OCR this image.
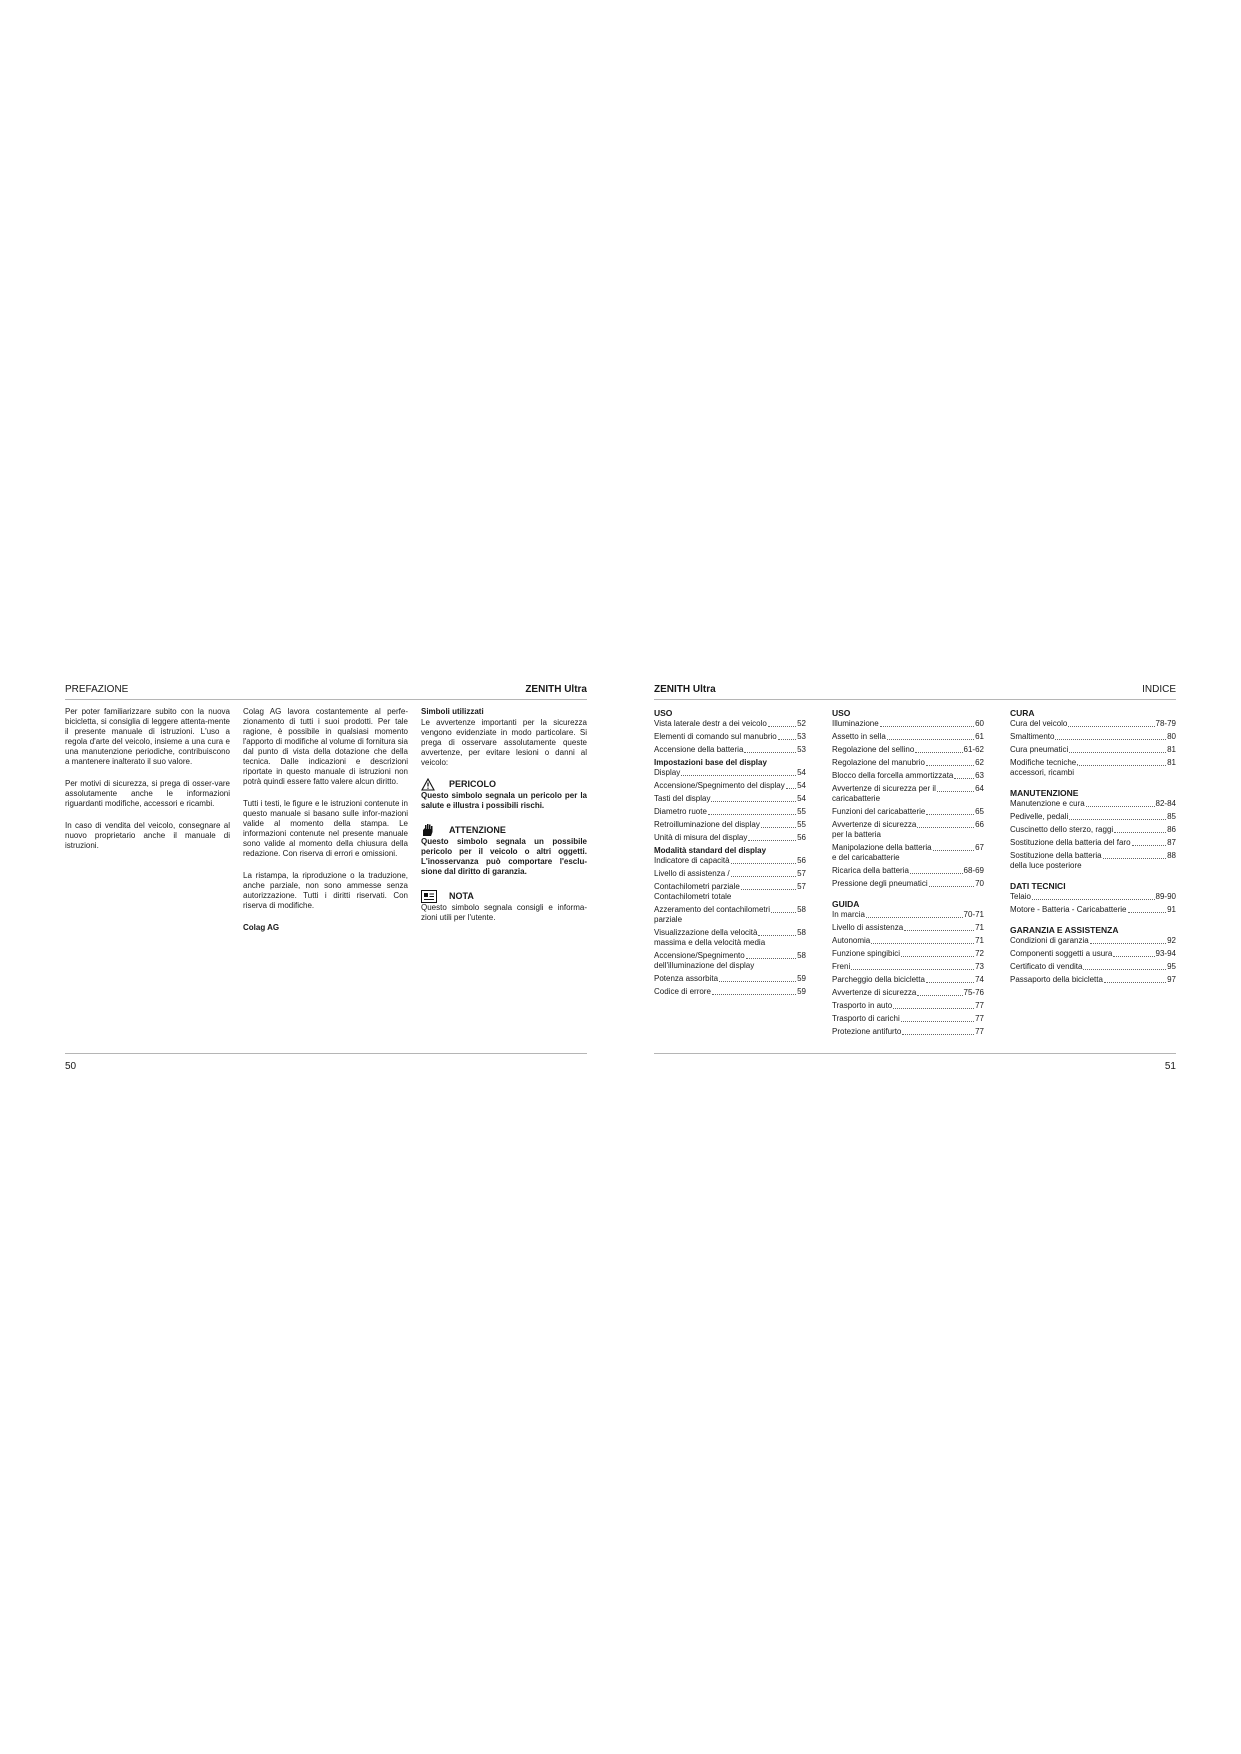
PREFAZIONE	ZENITH Ultra

Per poter familiarizzare subito con la nuova bicicletta, si consiglia di leggere attenta-mente il presente manuale di istruzioni. L'uso a regola d'arte del veicolo, insieme a una cura e una manutenzione periodiche, contribuiscono a mantenere inalterato il suo valore.

Per motivi di sicurezza, si prega di osser-vare assolutamente anche le informazioni riguardanti modifiche, accessori e ricambi.

In caso di vendita del veicolo, consegnare al nuovo proprietario anche il manuale di istruzioni.

Colag AG lavora costantemente al perfe-zionamento di tutti i suoi prodotti. Per tale ragione, è possibile in qualsiasi momento l'apporto di modifiche al volume di fornitura sia dal punto di vista della dotazione che della tecnica. Dalle indicazioni e descrizioni riportate in questo manuale di istruzioni non potrà quindi essere fatto valere alcun diritto.

Tutti i testi, le figure e le istruzioni contenute in questo manuale si basano sulle infor-mazioni valide al momento della stampa. Le informazioni contenute nel presente manuale sono valide al momento della chiusura della redazione. Con riserva di errori e omissioni.

La ristampa, la riproduzione o la traduzione, anche parziale, non sono ammesse senza autorizzazione. Tutti i diritti riservati. Con riserva di modifiche.

Colag AG
Simboli utilizzati
Le avvertenze importanti per la sicurezza vengono evidenziate in modo particolare. Si prega di osservare assolutamente queste avvertenze, per evitare lesioni o danni al veicolo:
PERICOLO
Questo simbolo segnala un pericolo per la salute e illustra i possibili rischi.
ATTENZIONE
Questo simbolo segnala un possibile pericolo per il veicolo o altri oggetti. L'inosservanza può comportare l'esclu-sione dal diritto di garanzia.
NOTA
Questo simbolo segnala consigli e informa-zioni utili per l'utente.
50
ZENITH Ultra	INDICE
USO
Vista laterale destr a dei veicolo	52
Elementi di comando sul manubrio	53
Accensione della batteria	53
Impostazioni base del display
Display	54
Accensione/Spegnimento del display 54
Tasti del display	54
Diametro ruote	55
Retroilluminazione del display	55
Unità di misura del display	56
Modalità standard del display
Indicatore di capacità	56
Livello di assistenza /	57
Contachilometri parziale	57
Contachilometri totale
Azzeramento del contachilometri	58
parziale
Visualizzazione della velocità	58
massima e della velocità media
Accensione/Spegnimento	58
dell'illuminazione del display
Potenza assorbita	59
Codice di errore	59
USO
Illuminazione	60
Assetto in sella	61
Regolazione del sellino	61-62
Regolazione del manubrio	62
Blocco della forcella ammortizzata	63
Avvertenze di sicurezza per il	64
caricabatterie
Funzioni del caricabatterie	65
Avvertenze di sicurezza	66
per la batteria
Manipolazione della batteria	67
e del caricabatterie
Ricarica della batteria	68-69
Pressione degli pneumatici	70
GUIDA
In marcia	70-71
Livello di assistenza	71
Autonomia	71
Funzione spingibici	72
Freni	73
Parcheggio della bicicletta	74
Avvertenze di sicurezza	75-76
Trasporto in auto	77
Trasporto di carichi	77
Protezione antifurto	77
CURA
Cura del veicolo	78-79
Smaltimento	80
Cura pneumatici	81
Modifiche tecniche,	81
accessori, ricambi
MANUTENZIONE
Manutenzione e cura	82-84
Pedivelle, pedali	85
Cuscinetto dello sterzo, raggi	86
Sostituzione della batteria del faro	87
Sostituzione della batteria	88
della luce posteriore
DATI TECNICI
Telaio	89-90
Motore - Batteria - Caricabatterie	91
GARANZIA E ASSISTENZA
Condizioni di garanzia	92
Componenti soggetti a usura	93-94
Certificato di vendita	95
Passaporto della bicicletta	97
51
